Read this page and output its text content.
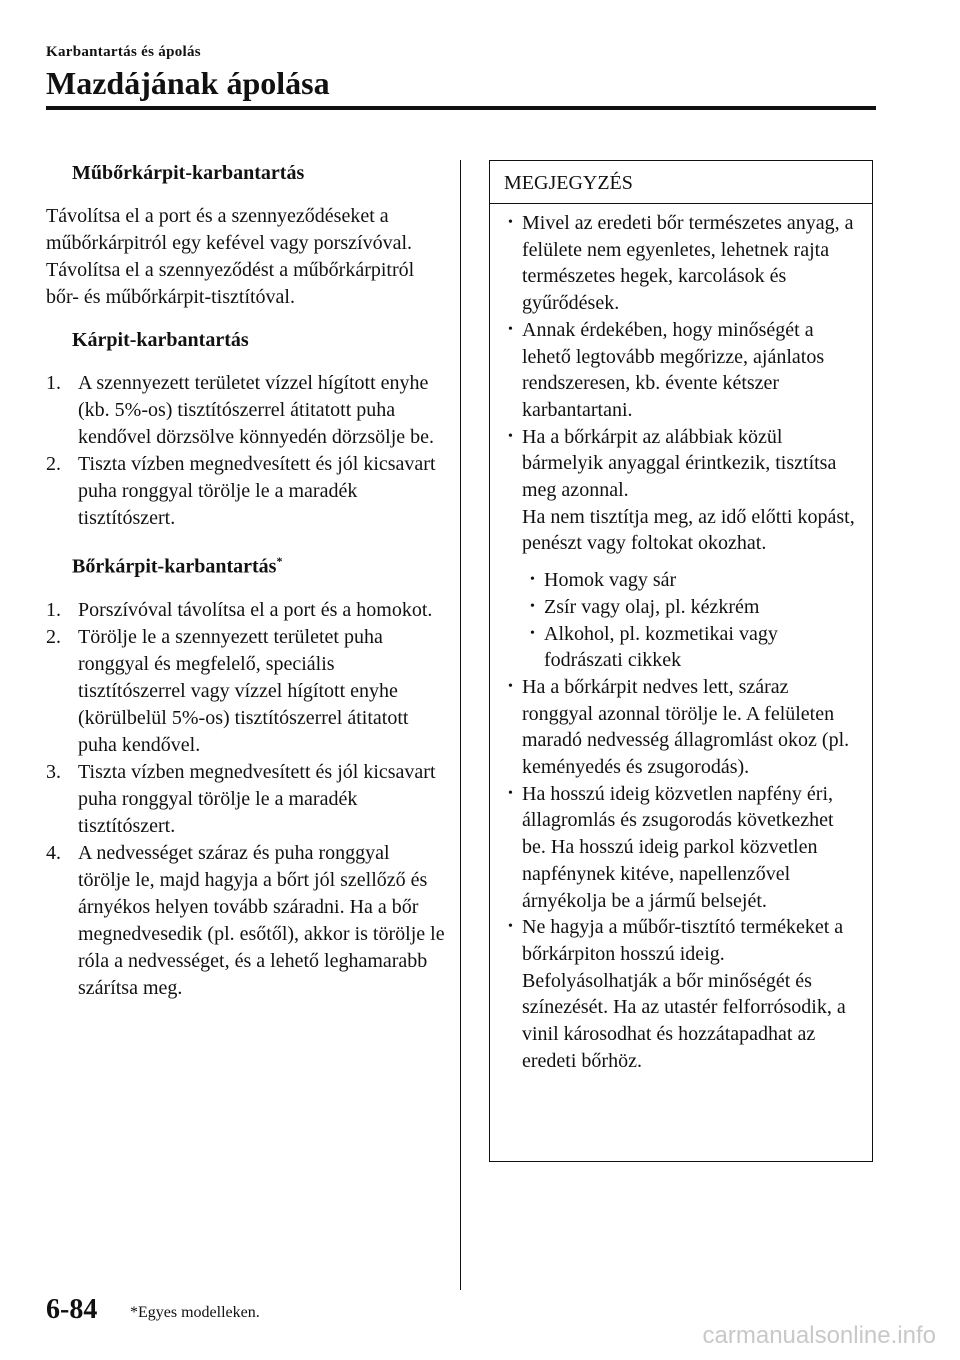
Karbantartás és ápolás
Mazdájának ápolása
Műbőrkárpit-karbantartás

Távolítsa el a port és a szennyeződéseket a műbőrkárpitról egy kefével vagy porszívóval.

Távolítsa el a szennyeződést a műbőrkárpitról bőr- és műbőrkárpit-tisztítóval.

Kárpit-karbantartás
1. A szennyezett területet vízzel hígított enyhe (kb. 5%-os) tisztítószerrel átitatott puha kendővel dörzsölve könnyedén dörzsölje be.
2. Tiszta vízben megnedvesített és jól kicsavart puha ronggyal törölje le a maradék tisztítószert.
Bőrkárpit-karbantartás*
1. Porszívóval távolítsa el a port és a homokot.
2. Törölje le a szennyezett területet puha ronggyal és megfelelő, speciális tisztítószerrel vagy vízzel hígított enyhe (körülbelül 5%-os) tisztítószerrel átitatott puha kendővel.
3. Tiszta vízben megnedvesített és jól kicsavart puha ronggyal törölje le a maradék tisztítószert.
4. A nedvességet száraz és puha ronggyal törölje le, majd hagyja a bőrt jól szellőző és árnyékos helyen tovább száradni. Ha a bőr megnedvesedik (pl. esőtől), akkor is törölje le róla a nedvességet, és a lehető leghamarabb szárítsa meg.
MEGJEGYZÉS
• Mivel az eredeti bőr természetes anyag, a felülete nem egyenletes, lehetnek rajta természetes hegek, karcolások és gyűrődések.
• Annak érdekében, hogy minőségét a lehető legtovább megőrizze, ajánlatos rendszeresen, kb. évente kétszer karbantartani.
• Ha a bőrkárpit az alábbiak közül bármelyik anyaggal érintkezik, tisztítsa meg azonnal.
Ha nem tisztítja meg, az idő előtti kopást, penészt vagy foltokat okozhat.
• Homok vagy sár
• Zsír vagy olaj, pl. kézkrém
• Alkohol, pl. kozmetikai vagy fodrászati cikkek
• Ha a bőrkárpit nedves lett, száraz ronggyal azonnal törölje le. A felületen maradó nedvesség állagromlást okoz (pl. keményedés és zsugorodás).
• Ha hosszú ideig közvetlen napfény éri, állagromlás és zsugorodás következhet be. Ha hosszú ideig parkol közvetlen napfénynek kitéve, napellenzővel árnyékolja be a jármű belsejét.
• Ne hagyja a műbőr-tisztító termékeket a bőrkárpiton hosszú ideig. Befolyásolhatják a bőr minőségét és színezését. Ha az utastér felforrósodik, a vinil károsodhat és hozzátapadhat az eredeti bőrhöz.
6-84 *Egyes modelleken.
carmanualsonline.info
